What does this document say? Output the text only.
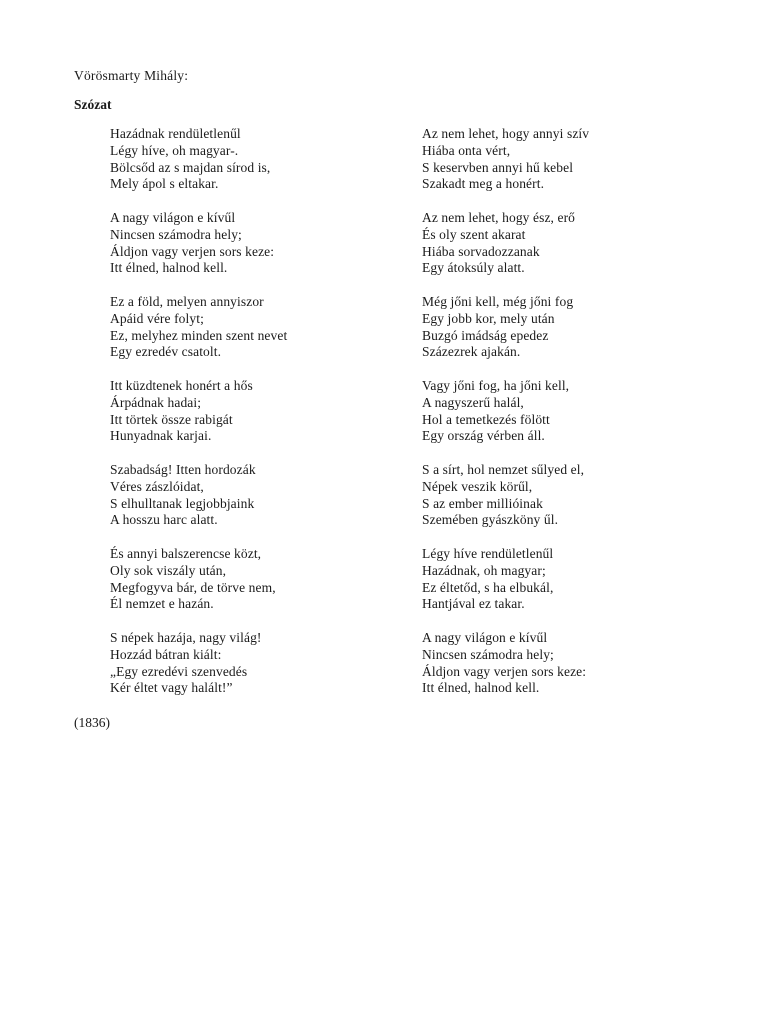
Vörösmarty Mihály:
Szózat
Hazádnak rendületlenűl
Légy híve, oh magyar-.
Bölcsőd az s majdan sírod is,
Mely ápol s eltakar.
A nagy világon e kívűl
Nincsen számodra hely;
Áldjon vagy verjen sors keze:
Itt élned, halnod kell.
Ez a föld, melyen annyiszor
Apáid vére folyt;
Ez, melyhez minden szent nevet
Egy ezredév csatolt.
Itt küzdtenek honért a hős
Árpádnak hadai;
Itt törtek össze rabigát
Hunyadnak karjai.
Szabadság! Itten hordozák
Véres zászlóidat,
S elhulltanak legjobbjaink
A hosszu harc alatt.
És annyi balszerencse közt,
Oly sok viszály után,
Megfogyva bár, de törve nem,
Él nemzet e hazán.
S népek hazája, nagy világ!
Hozzád bátran kiált:
„Egy ezredévi szenvedés
Kér éltet vagy halált!”
Az nem lehet, hogy annyi szív
Hiába onta vért,
S keservben annyi hű kebel
Szakadt meg a honért.
Az nem lehet, hogy ész, erő
És oly szent akarat
Hiába sorvadozzanak
Egy átoksúly alatt.
Még jőni kell, még jőni fog
Egy jobb kor, mely után
Buzgó imádság epedez
Százezrek ajakán.
Vagy jőni fog, ha jőni kell,
A nagyszerű halál,
Hol a temetkezés fölött
Egy ország vérben áll.
S a sírt, hol nemzet sűlyed el,
Népek veszik körűl,
S az ember millióinak
Szemében gyászköny űl.
Légy híve rendületlenűl
Hazádnak, oh magyar;
Ez éltetőd, s ha elbukál,
Hantjával ez takar.
A nagy világon e kívűl
Nincsen számodra hely;
Áldjon vagy verjen sors keze:
Itt élned, halnod kell.
(1836)
